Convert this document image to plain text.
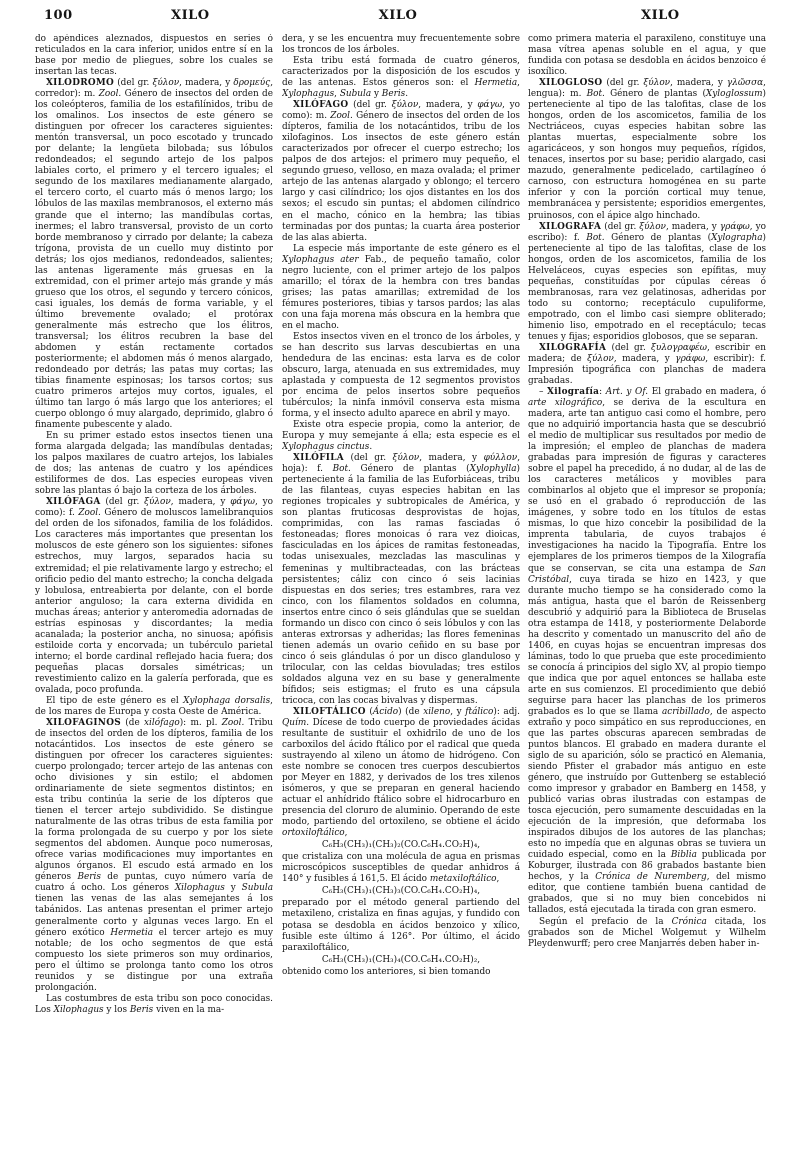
100	XILO	XILO	XILO

do apéndices aleznados, dispuestos en series ó reticulados en la cara inferior, unidos entre sí en la base por medio de pliegues, sobre los cuales se insertan las tecas.

XILODROMO (del gr. ξύλον, madera, y δρομεύς, corredor): m. Zool. Género de insectos del orden de los coleópteros, familia de los estafilínidos, tribu de los omalinos. Los insectos de este género se distinguen por ofrecer los caracteres siguientes: mentón transversal, un poco escotado y truncado por delante; la lengüeta bilobada; sus lóbulos redondeados; el segundo artejo de los palpos labiales corto, el primero y el tercero iguales; el segundo de los maxilares medianamente alargado, el tercero corto, el cuarto más ó menos largo; los lóbulos de las maxilas membranosos, el externo más grande que el interno; las mandíbulas cortas, inermes; el labro transversal, provisto de un corto borde membranoso y cirrado por delante; la cabeza trígona, provista de un cuello muy distinto por detrás; los ojos medianos, redondeados, salientes; las antenas ligeramente más gruesas en la extremidad, con el primer artejo más grande y más grueso que los otros, el segundo y tercero cónicos, casi iguales, los demás de forma variable, y el último brevemente ovalado; el protórax generalmente más estrecho que los élitros, transversal; los élitros recubren la base del abdomen y están rectamente cortados posteriormente; el abdomen más ó menos alargado, redondeado por detrás; las patas muy cortas; las tibias finamente espinosas; los tarsos cortos; sus cuatro primeros artejos muy cortos, iguales, el último tan largo ó más largo que los anteriores; el cuerpo oblongo ó muy alargado, deprimido, glabro ó finamente pubescente y alado.

En su primer estado estos insectos tienen una forma alargada delgada; las mandíbulas dentadas; los palpos maxilares de cuatro artejos, los labiales de dos; las antenas de cuatro y los apéndices estiliformes de dos. Las especies europeas viven sobre las plantas ó bajo la corteza de los árboles.

XILÓFAGA (del gr. ξύλον, madera, y φάγω, yo como): f. Zool. Género de moluscos lamelibranquios del orden de los sifonados, familia de los foládidos. Los caracteres más importantes que presentan los moluscos de este género son los siguientes: sifones estrechos, muy largos, separados hacia su extremidad; el pie relativamente largo y estrecho; el orificio pedio del manto estrecho; la concha delgada y lobulosa, entreabierta por delante, con el borde anterior anguloso; la cara externa dividida en muchas áreas; anterior y anteromedia adornadas de estrías espinosas y discordantes; la media acanalada; la posterior ancha, no sinuosa; apófisis estiloide corta y encorvada; un tubérculo parietal interno; el borde cardinal reflejado hacia fuera; dos pequeñas placas dorsales simétricas; un revestimiento calizo en la galería perforada, que es ovalada, poco profunda.

El tipo de este género es el Xylophaga dorsalis, de los mares de Europa y costa Oeste de América.

XILOFAGINOS (de xilófago): m. pl. Zool. Tribu de insectos del orden de los dípteros, familia de los notacántidos. Los insectos de este género se distinguen por ofrecer los caracteres siguientes: cuerpo prolongado; tercer artejo de las antenas con ocho divisiones y sin estilo; el abdomen ordinariamente de siete segmentos distintos; en esta tribu continúa la serie de los dípteros que tienen el tercer artejo subdividido. Se distingue naturalmente de las otras tribus de esta familia por la forma prolongada de su cuerpo y por los siete segmentos del abdomen. Aunque poco numerosas, ofrece varias modificaciones muy importantes en algunos órganos. El escudo está armado en los géneros Beris de puntas, cuyo número varía de cuatro á ocho. Los géneros Xilophagus y Subula tienen las venas de las alas semejantes á los tabánidos. Las antenas presentan el primer artejo generalmente corto y algunas veces largo. En el género exótico Hermetia el tercer artejo es muy notable; de los ocho segmentos de que está compuesto los siete primeros son muy ordinarios, pero el último se prolonga tanto como los otros reunidos y se distingue por una extraña prolongación.

Las costumbres de esta tribu son poco conocidas. Los Xilophagus y los Beris viven en la ma-

dera, y se les encuentra muy frecuentemente sobre los troncos de los árboles.

Esta tribu está formada de cuatro géneros, caracterizados por la disposición de los escudos y de las antenas. Estos géneros son: el Hermetia, Xylophagus, Subula y Beris.

XILÓFAGO (del gr. ξύλον, madera, y φάγω, yo como): m. Zool. Género de insectos del orden de los dípteros, familia de los notacántidos, tribu de los xilofaginos. Los insectos de este género están caracterizados por ofrecer el cuerpo estrecho; los palpos de dos artejos: el primero muy pequeño, el segundo grueso, velloso, en maza ovalada; el primer artejo de las antenas alargado y oblongo; el tercero largo y casi cilíndrico; los ojos distantes en los dos sexos; el escudo sin puntas; el abdomen cilíndrico en el macho, cónico en la hembra; las tibias terminadas por dos puntas; la cuarta área posterior de las alas abierta.

La especie más importante de este género es el Xylophagus ater Fab., de pequeño tamaño, color negro luciente, con el primer artejo de los palpos amarillo; el tórax de la hembra con tres bandas grises; las patas amarillas; extremidad de los fémures posteriores, tibias y tarsos pardos; las alas con una faja morena más obscura en la hembra que en el macho.

Estos insectos viven en el tronco de los árboles, y se han descrito sus larvas descubiertas en una hendedura de las encinas: esta larva es de color obscuro, larga, atenuada en sus extremidades, muy aplastada y compuesta de 12 segmentos provistos por encima de pelos insertos sobre pequeños tubérculos; la ninfa inmóvil conserva esta misma forma, y el insecto adulto aparece en abril y mayo.

Existe otra especie propia, como la anterior, de Europa y muy semejante á ella; esta especie es el Xylophagus cinctus.

XILÓFILA (del gr. ξύλον, madera, y φύλλον, hoja): f. Bot. Género de plantas (Xylophylla) perteneciente á la familia de las Euforbiáceas, tribu de las filanteas, cuyas especies habitan en las regiones tropicales y subtropicales de América, y son plantas fruticosas desprovistas de hojas, comprimidas, con las ramas fasciadas ó festoneadas; flores monoicas ó rara vez dioicas, fasciculadas en los ápices de ramitas festoneadas, todas unisexuales, mezcladas las masculinas y femeninas y multibracteadas, con las brácteas persistentes; cáliz con cinco ó seis lacinias dispuestas en dos series; tres estambres, rara vez cinco, con los filamentos soldados en columna, insertos entre cinco ó seis glándulas que se sueldan formando un disco con cinco ó seis lóbulos y con las anteras extrorsas y adheridas; las flores femeninas tienen además un ovario ceñido en su base por cinco ó seis glándulas ó por un disco glanduloso y trilocular, con las celdas biovuladas; tres estilos soldados alguna vez en su base y generalmente bífidos; seis estigmas; el fruto es una cápsula tricoca, con las cocas bivalvas y dispermas.

XILOFTÁLICO (Ácido) (de xileno, y ftálico): adj. Quím. Dícese de todo cuerpo de proviedades ácidas resultante de sustituir el oxhidrilo de uno de los carboxilos del ácido ftálico por el radical que queda sustrayendo al xileno un átomo de hidrógeno. Con este nombre se conocen tres cuerpos descubiertos por Meyer en 1882, y derivados de los tres xilenos isómeros, y que se preparan en general haciendo actuar el anhídrido ftálico sobre el hidrocarburo en presencia del cloruro de aluminio. Operando de este modo, partiendo del ortoxileno, se obtiene el ácido ortoxiloftálico,

C₆H₃(CH₃)₁(CH₃)₂(CO.C₆H₄.CO₂H)₄,

que cristaliza con una molécula de agua en prismas microscópicos susceptibles de quedar anhidros á 140° y fusibles á 161,5. El ácido metaxiloftálico,

C₆H₃(CH₃)₁(CH₃)₃(CO.C₆H₄.CO₂H)₄,

preparado por el método general partiendo del metaxileno, cristaliza en finas agujas, y fundido con potasa se desdobla en ácidos benzoico y xílico, fusible este último á 126°. Por último, el ácido paraxiloftálico,

C₆H₃(CH₃)₁(CH₃)₄(CO.C₆H₄.CO₂H)₂,

obtenido como los anteriores, si bien tomando

como primera materia el paraxileno, constituye una masa vítrea apenas soluble en el agua, y que fundida con potasa se desdobla en ácidos benzoico é isoxílico.

XILOGLOSO (del gr. ξύλον, madera, y γλῶσσα, lengua): m. Bot. Género de plantas (Xyloglossum) perteneciente al tipo de las talofitas, clase de los hongos, orden de los ascomicetos, familia de los Nectriáceos, cuyas especies habitan sobre las plantas muertas, especialmente sobre los agaricáceos, y son hongos muy pequeños, rígidos, tenaces, insertos por su base; peridio alargado, casi mazudo, generalmente pedicelado, cartilagíneo ó carnoso, con estructura homogénea en su parte inferior y con la porción cortical muy tenue, membranácea y persistente; esporidios emergentes, pruinosos, con el ápice algo hinchado.

XILOGRAFA (del gr. ξύλον, madera, y γράφω, yo escribo): f. Bot. Género de plantas (Xylographa) perteneciente al tipo de las talofitas, clase de los hongos, orden de los ascomicetos, familia de los Helveláceos, cuyas especies son epífitas, muy pequeñas, constituídas por cúpulas céreas ó membranosas, rara vez gelatinosas, adheridas por todo su contorno; receptáculo cupuliforme, empotrado, con el limbo casi siempre obliterado; himenio liso, empotrado en el receptáculo; tecas tenues y fijas; esporidios globosos, que se separan.

XILOGRAFÍA (del gr. ξυλογραφέω, escribir en madera; de ξύλον, madera, y γράφω, escribir): f. Impresión tipográfica con planchas de madera grabadas.

– Xilografía: Art. y Of. El grabado en madera, ó arte xilográfico, se deriva de la escultura en madera, arte tan antiguo casi como el hombre, pero que no adquirió importancia hasta que se descubrió el medio de multiplicar sus resultados por medio de la impresión; el empleo de planchas de madera grabadas para impresión de figuras y caracteres sobre el papel ha precedido, á no dudar, al de las de los caracteres metálicos y movibles para combinarlos al objeto que el impresor se proponía; se usó en el grabado ó reproducción de las imágenes, y sobre todo en los títulos de estas mismas, lo que hizo concebir la posibilidad de la imprenta tabularia, de cuyos trabajos é investigaciones ha nacido la Tipografía. Entre los ejemplares de los primeros tiempos de la Xilografía que se conservan, se cita una estampa de San Cristóbal, cuya tirada se hizo en 1423, y que durante mucho tiempo se ha considerado como la más antigua, hasta que el barón de Reissenberg descubrió y adquirió para la Biblioteca de Bruselas otra estampa de 1418, y posteriormente Delaborde ha descrito y comentado un manuscrito del año de 1406, en cuyas hojas se encuentran impresas dos láminas, todo lo que prueba que este procedimiento se conocía á principios del siglo XV, al propio tiempo que indica que por aquel entonces se hallaba este arte en sus comienzos. El procedimiento que debió seguirse para hacer las planchas de los primeros grabados es lo que se llama acribillado, de aspecto extraño y poco simpático en sus reproducciones, en que las partes obscuras aparecen sembradas de puntos blancos. El grabado en madera durante el siglo de su aparición, sólo se practicó en Alemania, siendo Pfister el grabador más antiguo en este género, que instruído por Guttenberg se estableció como impresor y grabador en Bamberg en 1458, y publicó varias obras ilustradas con estampas de tosca ejecución, pero sumamente descuidadas en la ejecución de la impresión, que deformaba los inspirados dibujos de los autores de las planchas; esto no impedía que en algunas obras se tuviera un cuidado especial, como en la Biblia publicada por Koburger, ilustrada con 86 grabados bastante bien hechos, y la Crónica de Nuremberg, del mismo editor, que contiene también buena cantidad de grabados, que si no muy bien concebidos ni tallados, está ejecutada la tirada con gran esmero.

Según el prefacio de la Crónica citada, los grabados son de Michel Wolgemut y Wilhelm Pleydenwurff; pero cree Manjarrés deben haber in-
